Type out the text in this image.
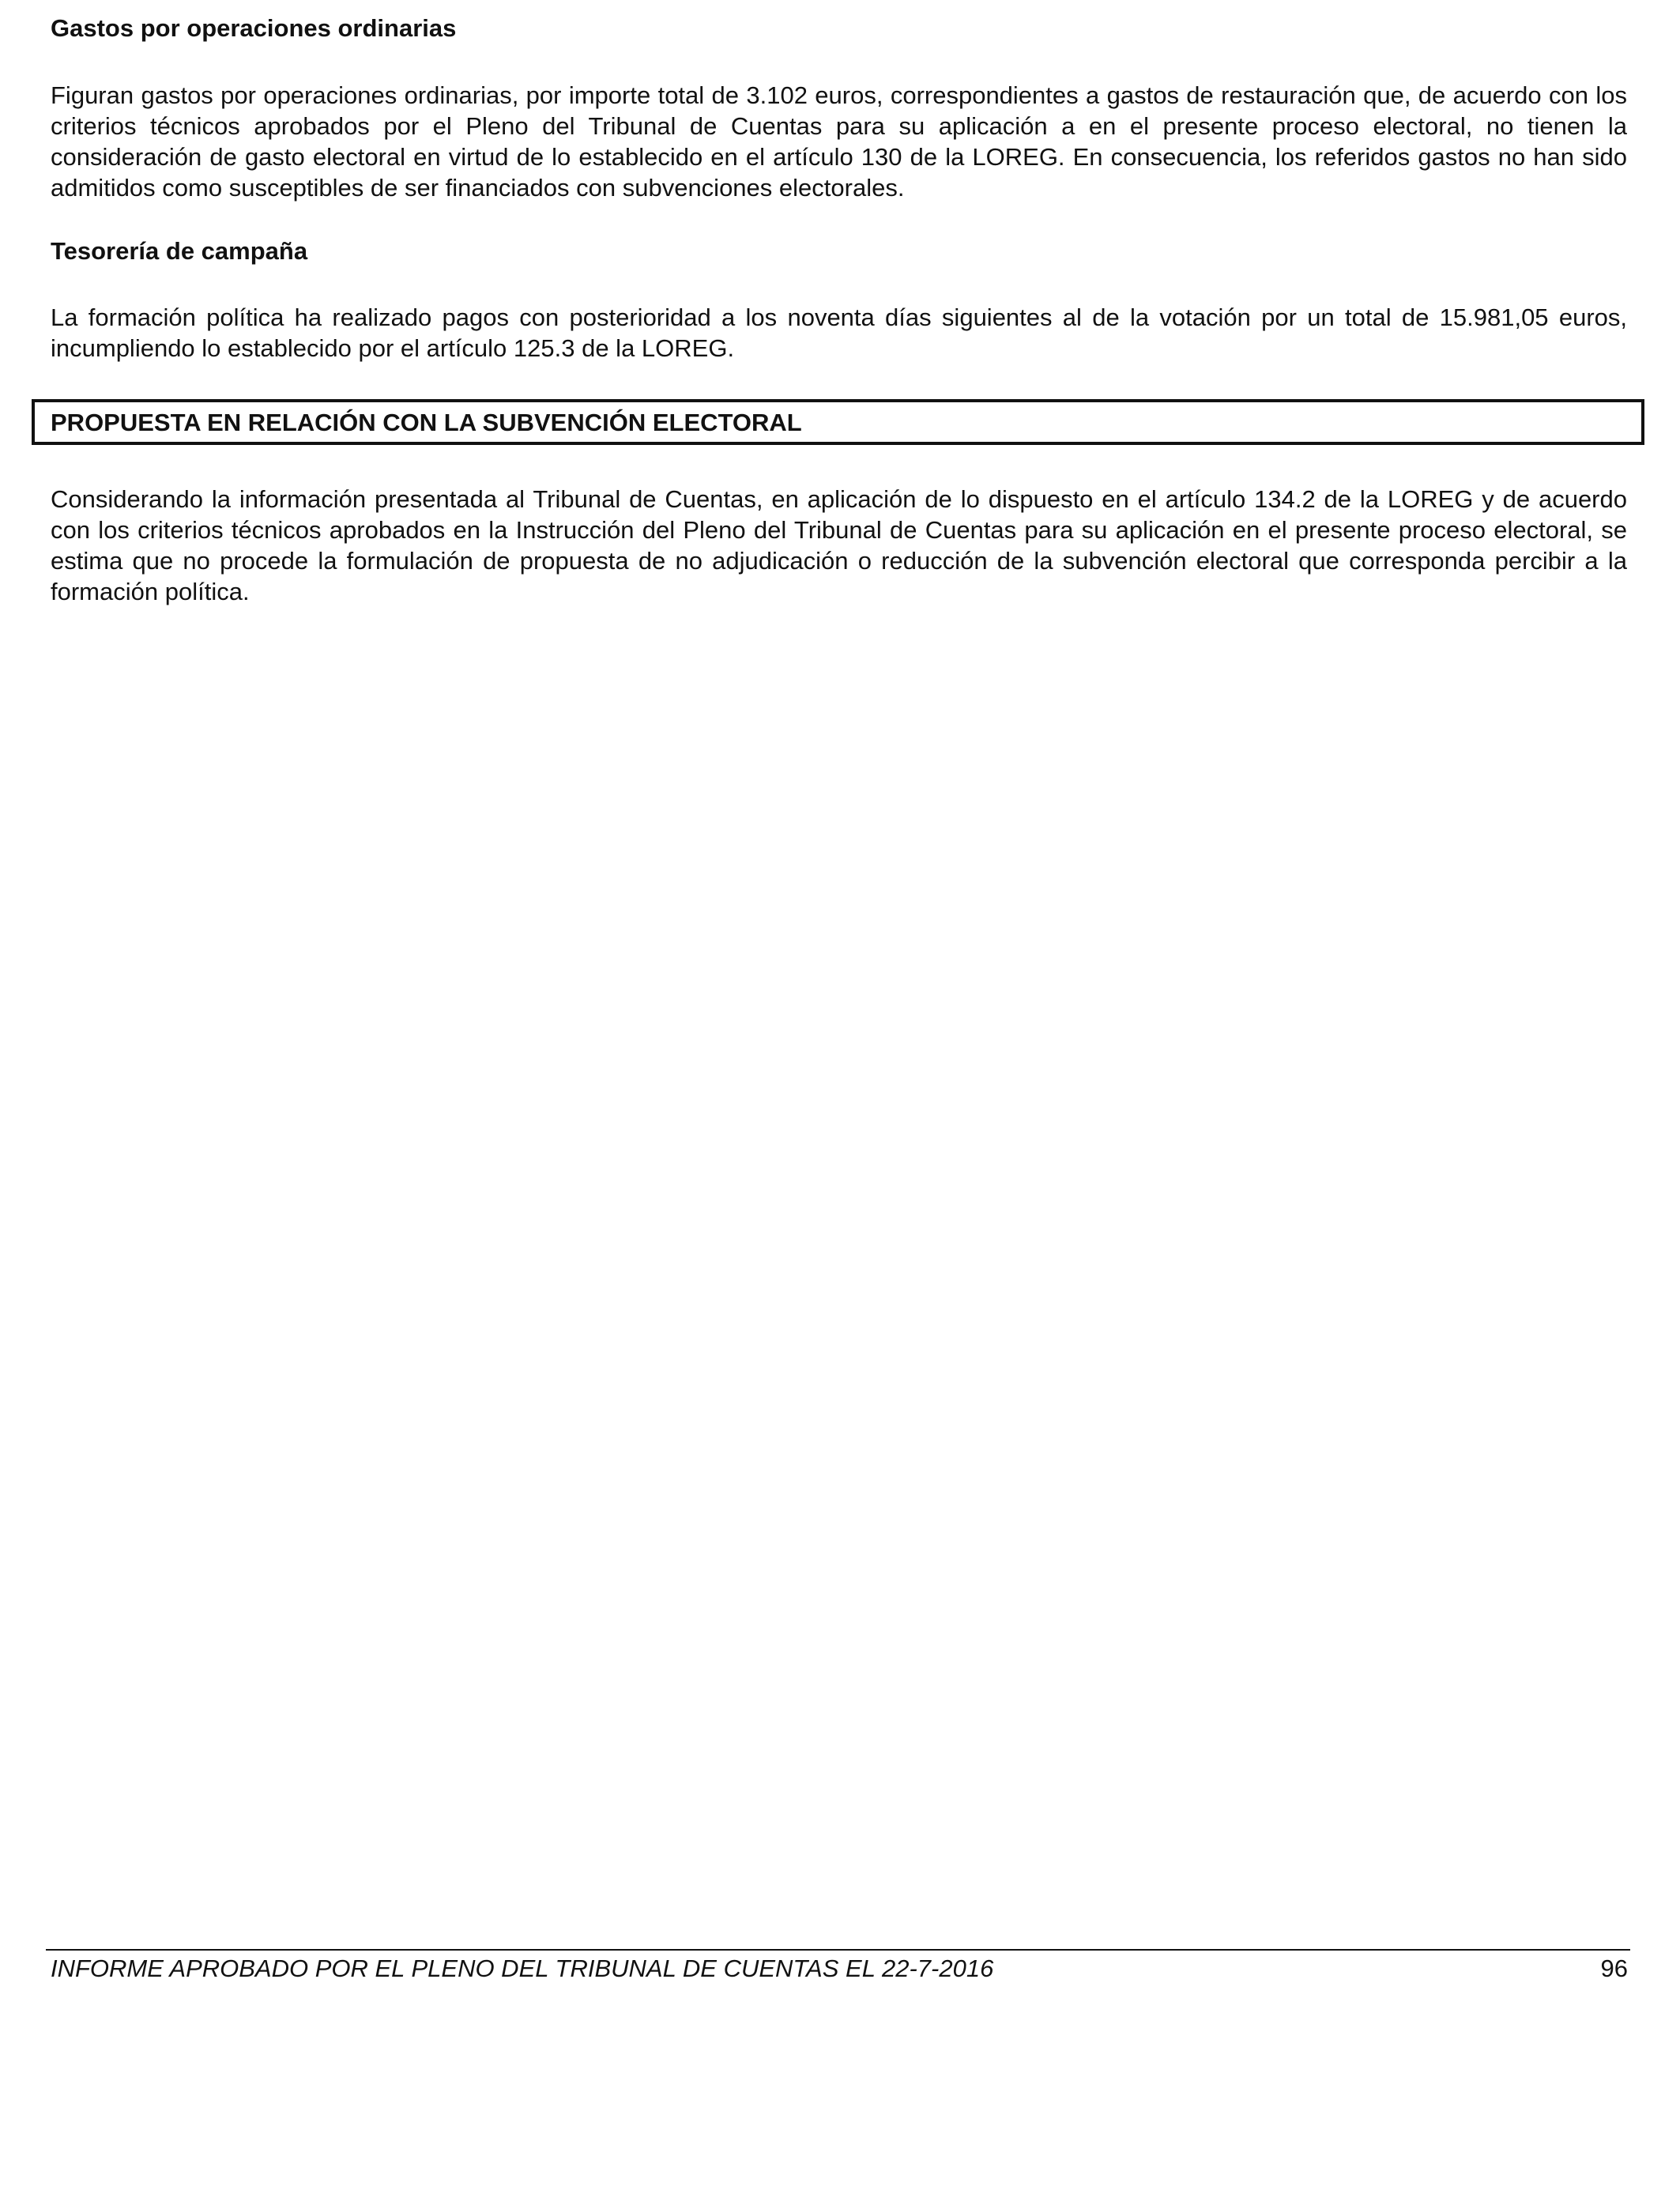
Gastos por operaciones ordinarias

Figuran gastos por operaciones ordinarias, por importe total de 3.102 euros, correspondientes a gastos de restauración que, de acuerdo con los criterios técnicos aprobados por el Pleno del Tribunal de Cuentas para su aplicación a en el presente proceso electoral, no tienen la consideración de gasto electoral en virtud de lo establecido en el artículo 130 de la LOREG. En consecuencia, los referidos gastos no han sido admitidos como susceptibles de ser financiados con subvenciones electorales.

Tesorería de campaña

La formación política ha realizado pagos con posterioridad a los noventa días siguientes al de la votación por un total de 15.981,05 euros, incumpliendo lo establecido por el artículo 125.3 de la LOREG.

PROPUESTA EN RELACIÓN CON LA SUBVENCIÓN ELECTORAL

Considerando la información presentada al Tribunal de Cuentas, en aplicación de lo dispuesto en el artículo 134.2 de la LOREG y de acuerdo con los criterios técnicos aprobados en la Instrucción del Pleno del Tribunal de Cuentas para su aplicación en el presente proceso electoral, se estima que no procede la formulación de propuesta de no adjudicación o reducción de la subvención electoral que corresponda percibir a la formación política.

INFORME APROBADO POR EL PLENO DEL TRIBUNAL DE CUENTAS EL 22-7-2016	96
